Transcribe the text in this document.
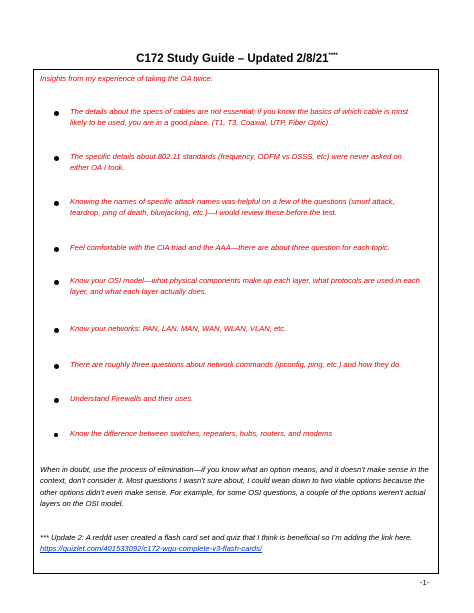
C172 Study Guide – Updated 2/8/21****
Insights from my experience of taking the OA twice:
The details about the specs of cables are not essential; if you know the basics of which cable is most likely to be used, you are in a good place. (T1, T3, Coaxial, UTP, Fiber Optic)
The specific details about 802.11 standards (frequency, ODFM vs DSSS, etc) were never asked on either OA I took.
Knowing the names of specific attack names was helpful on a few of the questions (smurf attack, teardrop, ping of death, bluejacking, etc.)—I would review these before the test.
Feel comfortable with the CIA triad and the AAA—there are about three question for each topic.
Know your OSI model—what physical components make up each layer, what protocols are used in each layer, and what each layer actually does.
Know your networks: PAN, LAN, MAN, WAN, WLAN, VLAN, etc.
There are roughly three questions about network commands (ipconfig, ping, etc.) and how they do.
Understand Firewalls and their uses.
Know the difference between switches, repeaters, hubs, routers, and modems
When in doubt, use the process of elimination—if you know what an option means, and it doesn’t make sense in the context, don’t consider it. Most questions I wasn’t sure about, I could wean down to two viable options because the other options didn’t even make sense. For example, for some OSI questions, a couple of the options weren’t actual layers on the OSI model.
*** Update 2: A reddit user created a flash card set and quiz that I think is beneficial so I’m adding the link here. https://quizlet.com/401533092/c172-wgu-complete-v3-flash-cards/
-1-
